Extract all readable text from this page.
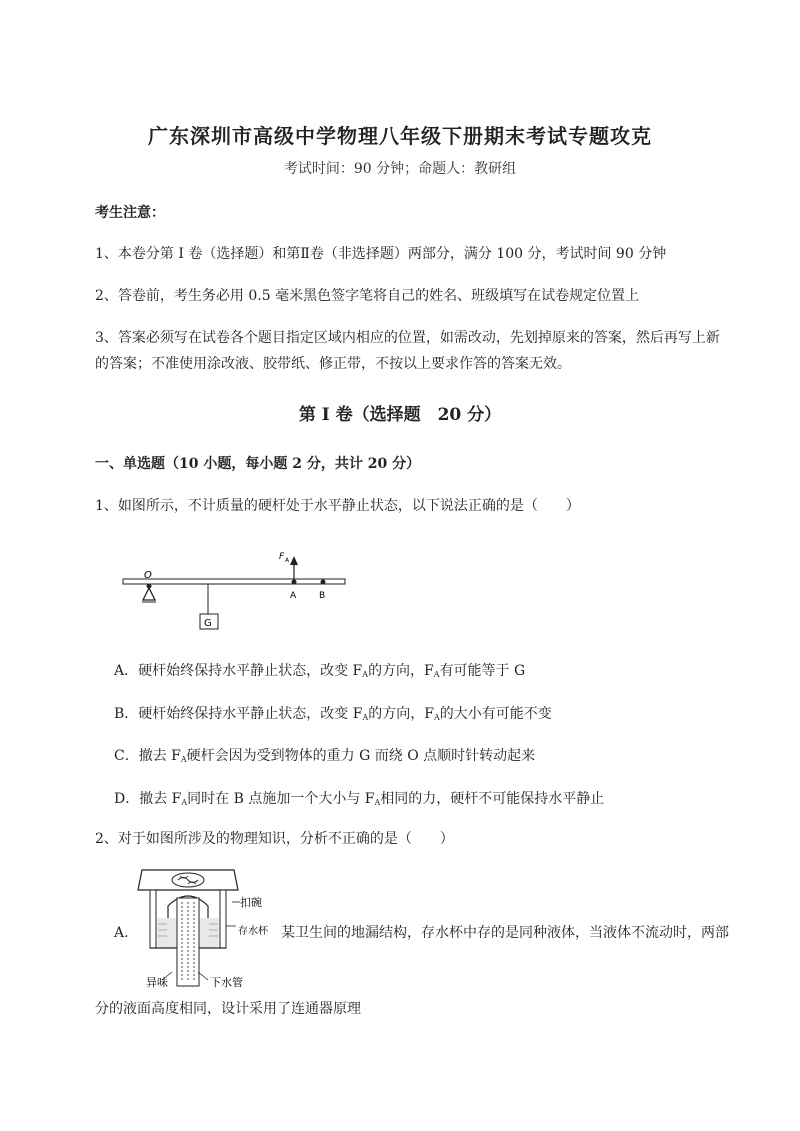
广东深圳市高级中学物理八年级下册期末考试专题攻克
考试时间：90 分钟；命题人：教研组
考生注意：
1、本卷分第 I 卷（选择题）和第Ⅱ卷（非选择题）两部分，满分 100 分，考试时间 90 分钟
2、答卷前，考生务必用 0.5 毫米黑色签字笔将自己的姓名、班级填写在试卷规定位置上
3、答案必须写在试卷各个题目指定区域内相应的位置，如需改动，先划掉原来的答案，然后再写上新
的答案；不准使用涂改液、胶带纸、修正带，不按以上要求作答的答案无效。
第 I 卷（选择题　20 分）
一、单选题（10 小题，每小题 2 分，共计 20 分）
1、如图所示，不计质量的硬杆处于水平静止状态，以下说法正确的是（　　）
O
G
F A
A	B
A．硬杆始终保持水平静止状态，改变 $F_A$的方向，$F_A$有可能等于 G
B．硬杆始终保持水平静止状态，改变 $F_A$的方向，$F_A$的大小有可能不变
C．撤去 $F_A$硬杆会因为受到物体的重力 G 而绕 O 点顺时针转动起来
D．撤去 $F_A$同时在 B 点施加一个大小与 $F_A$相同的力，硬杆不可能保持水平静止
2、对于如图所涉及的物理知识，分析不正确的是（　　）
A.
扣碗
存水杯
异味	下水管
某卫生间的地漏结构，存水杯中存的是同种液体，当液体不流动时，两部
分的液面高度相同，设计采用了连通器原理
